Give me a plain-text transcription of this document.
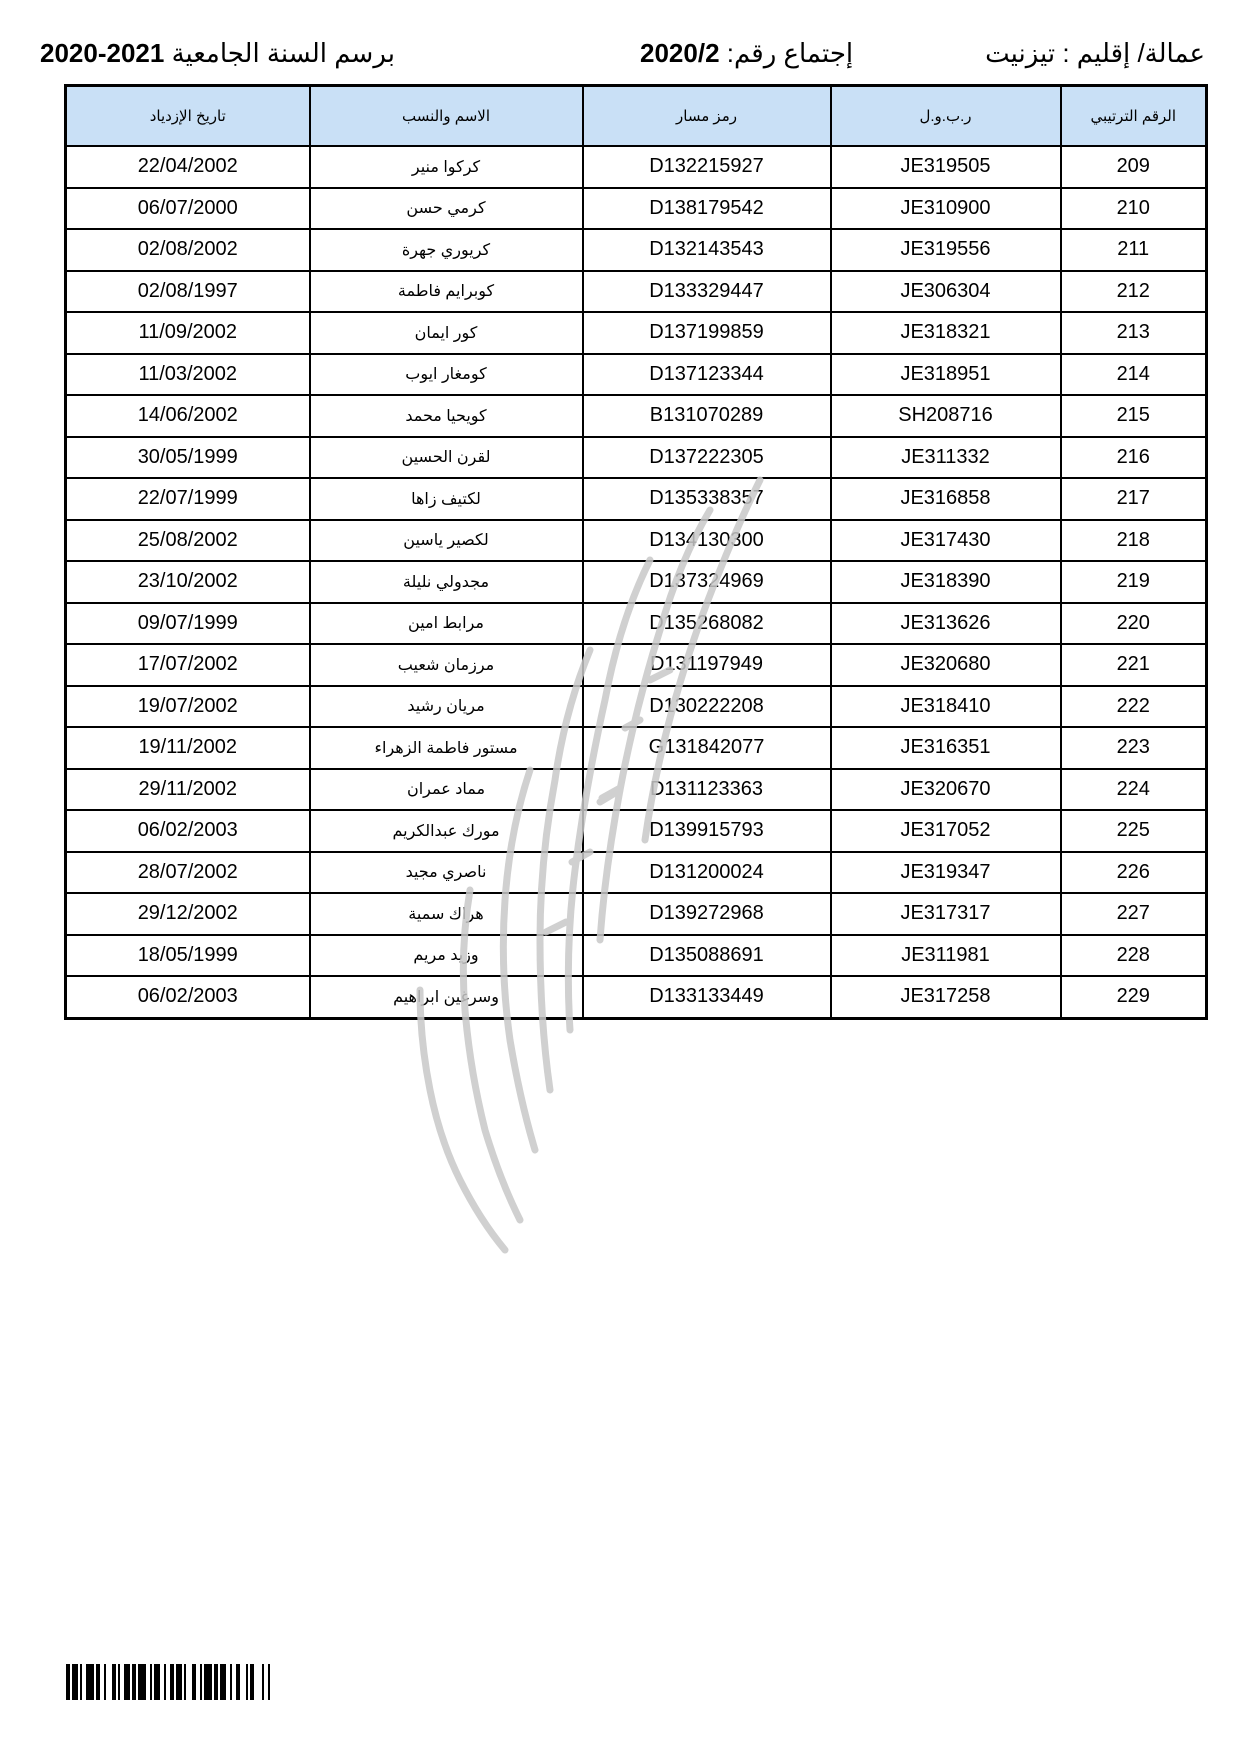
عمالة/ إقليم : تيزنيت
إجتماع رقم: 2020/2
برسم السنة الجامعية 2020-2021
الرقم الترتيبي	ر.ب.و.ل	رمز مسار	الاسم والنسب	تاريخ الإزدياد
209	JE319505	D132215927	كركوا منير	22/04/2002
210	JE310900	D138179542	كرمي حسن	06/07/2000
211	JE319556	D132143543	كريوري جهرة	02/08/2002
212	JE306304	D133329447	كوبرايم فاطمة	02/08/1997
213	JE318321	D137199859	كور ايمان	11/09/2002
214	JE318951	D137123344	كومغار ايوب	11/03/2002
215	SH208716	B131070289	كويحيا محمد	14/06/2002
216	JE311332	D137222305	لقرن الحسين	30/05/1999
217	JE316858	D135338357	لكتيف زاها	22/07/1999
218	JE317430	D134130300	لكصير ياسين	25/08/2002
219	JE318390	D137324969	مجدولي نليلة	23/10/2002
220	JE313626	D135268082	مرابط امين	09/07/1999
221	JE320680	D131197949	مرزمان شعيب	17/07/2002
222	JE318410	D130222208	مريان رشيد	19/07/2002
223	JE316351	G131842077	مستور فاطمة الزهراء	19/11/2002
224	JE320670	D131123363	مماد عمران	29/11/2002
225	JE317052	D139915793	مورك عبدالكريم	06/02/2003
226	JE319347	D131200024	ناصري مجيد	28/07/2002
227	JE317317	D139272968	هراك سمية	29/12/2002
228	JE311981	D135088691	وزيد مريم	18/05/1999
229	JE317258	D133133449	وسرغين ابراهيم	06/02/2003
